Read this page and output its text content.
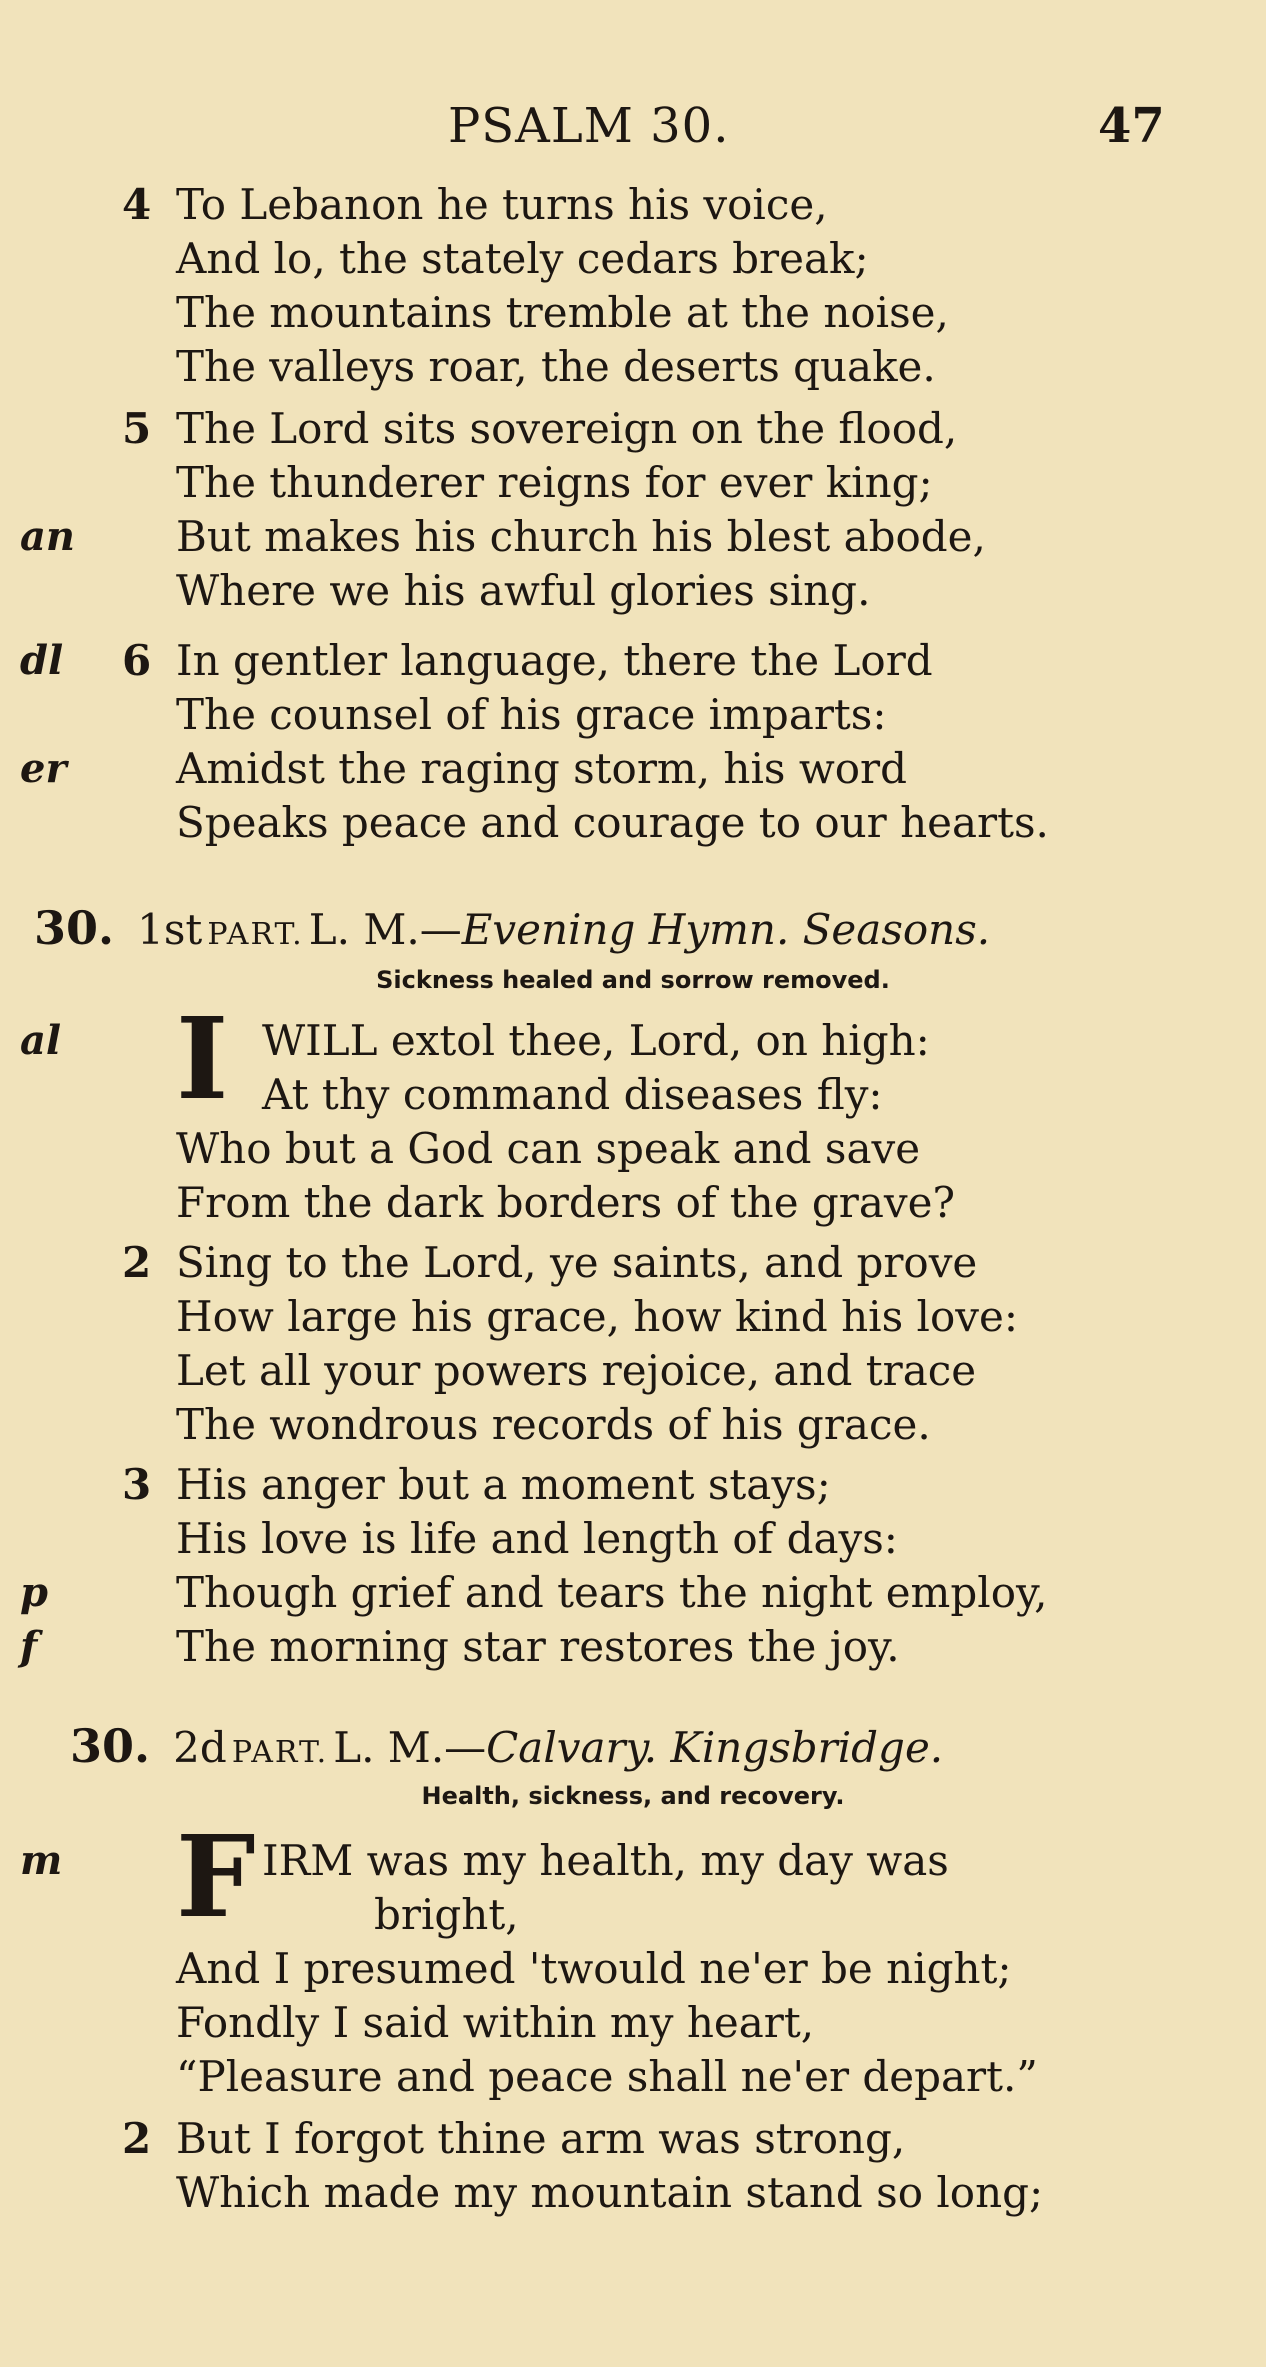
PSALM 30.	47
4 To Lebanon he turns his voice,
And lo, the stately cedars break;
The mountains tremble at the noise,
The valleys roar, the deserts quake.
5 The Lord sits sovereign on the flood,
The thunderer reigns for ever king;
an But makes his church his blest abode,
Where we his awful glories sing.
dl 6 In gentler language, there the Lord
The counsel of his grace imparts:
er	Amidst the raging storm, his word
Speaks peace and courage to our hearts.
30. 1st PART. L. M.—Evening Hymn. Seasons.
Sickness healed and sorrow removed.
al I WILL extol thee, Lord, on high:
At thy command diseases fly:
Who but a God can speak and save
From the dark borders of the grave?
2 Sing to the Lord, ye saints, and prove
How large his grace, how kind his love:
Let all your powers rejoice, and trace
The wondrous records of his grace.
3 His anger but a moment stays;
His love is life and length of days:
p	Though grief and tears the night employ,
f	The morning star restores the joy.
30. 2d PART. L. M.—Calvary. Kingsbridge.
Health, sickness, and recovery.
m F IRM was my health, my day was
bright,
And I presumed 'twould ne'er be night;
Fondly I said within my heart,
“Pleasure and peace shall ne'er depart.”
2 But I forgot thine arm was strong,
Which made my mountain stand so long;
